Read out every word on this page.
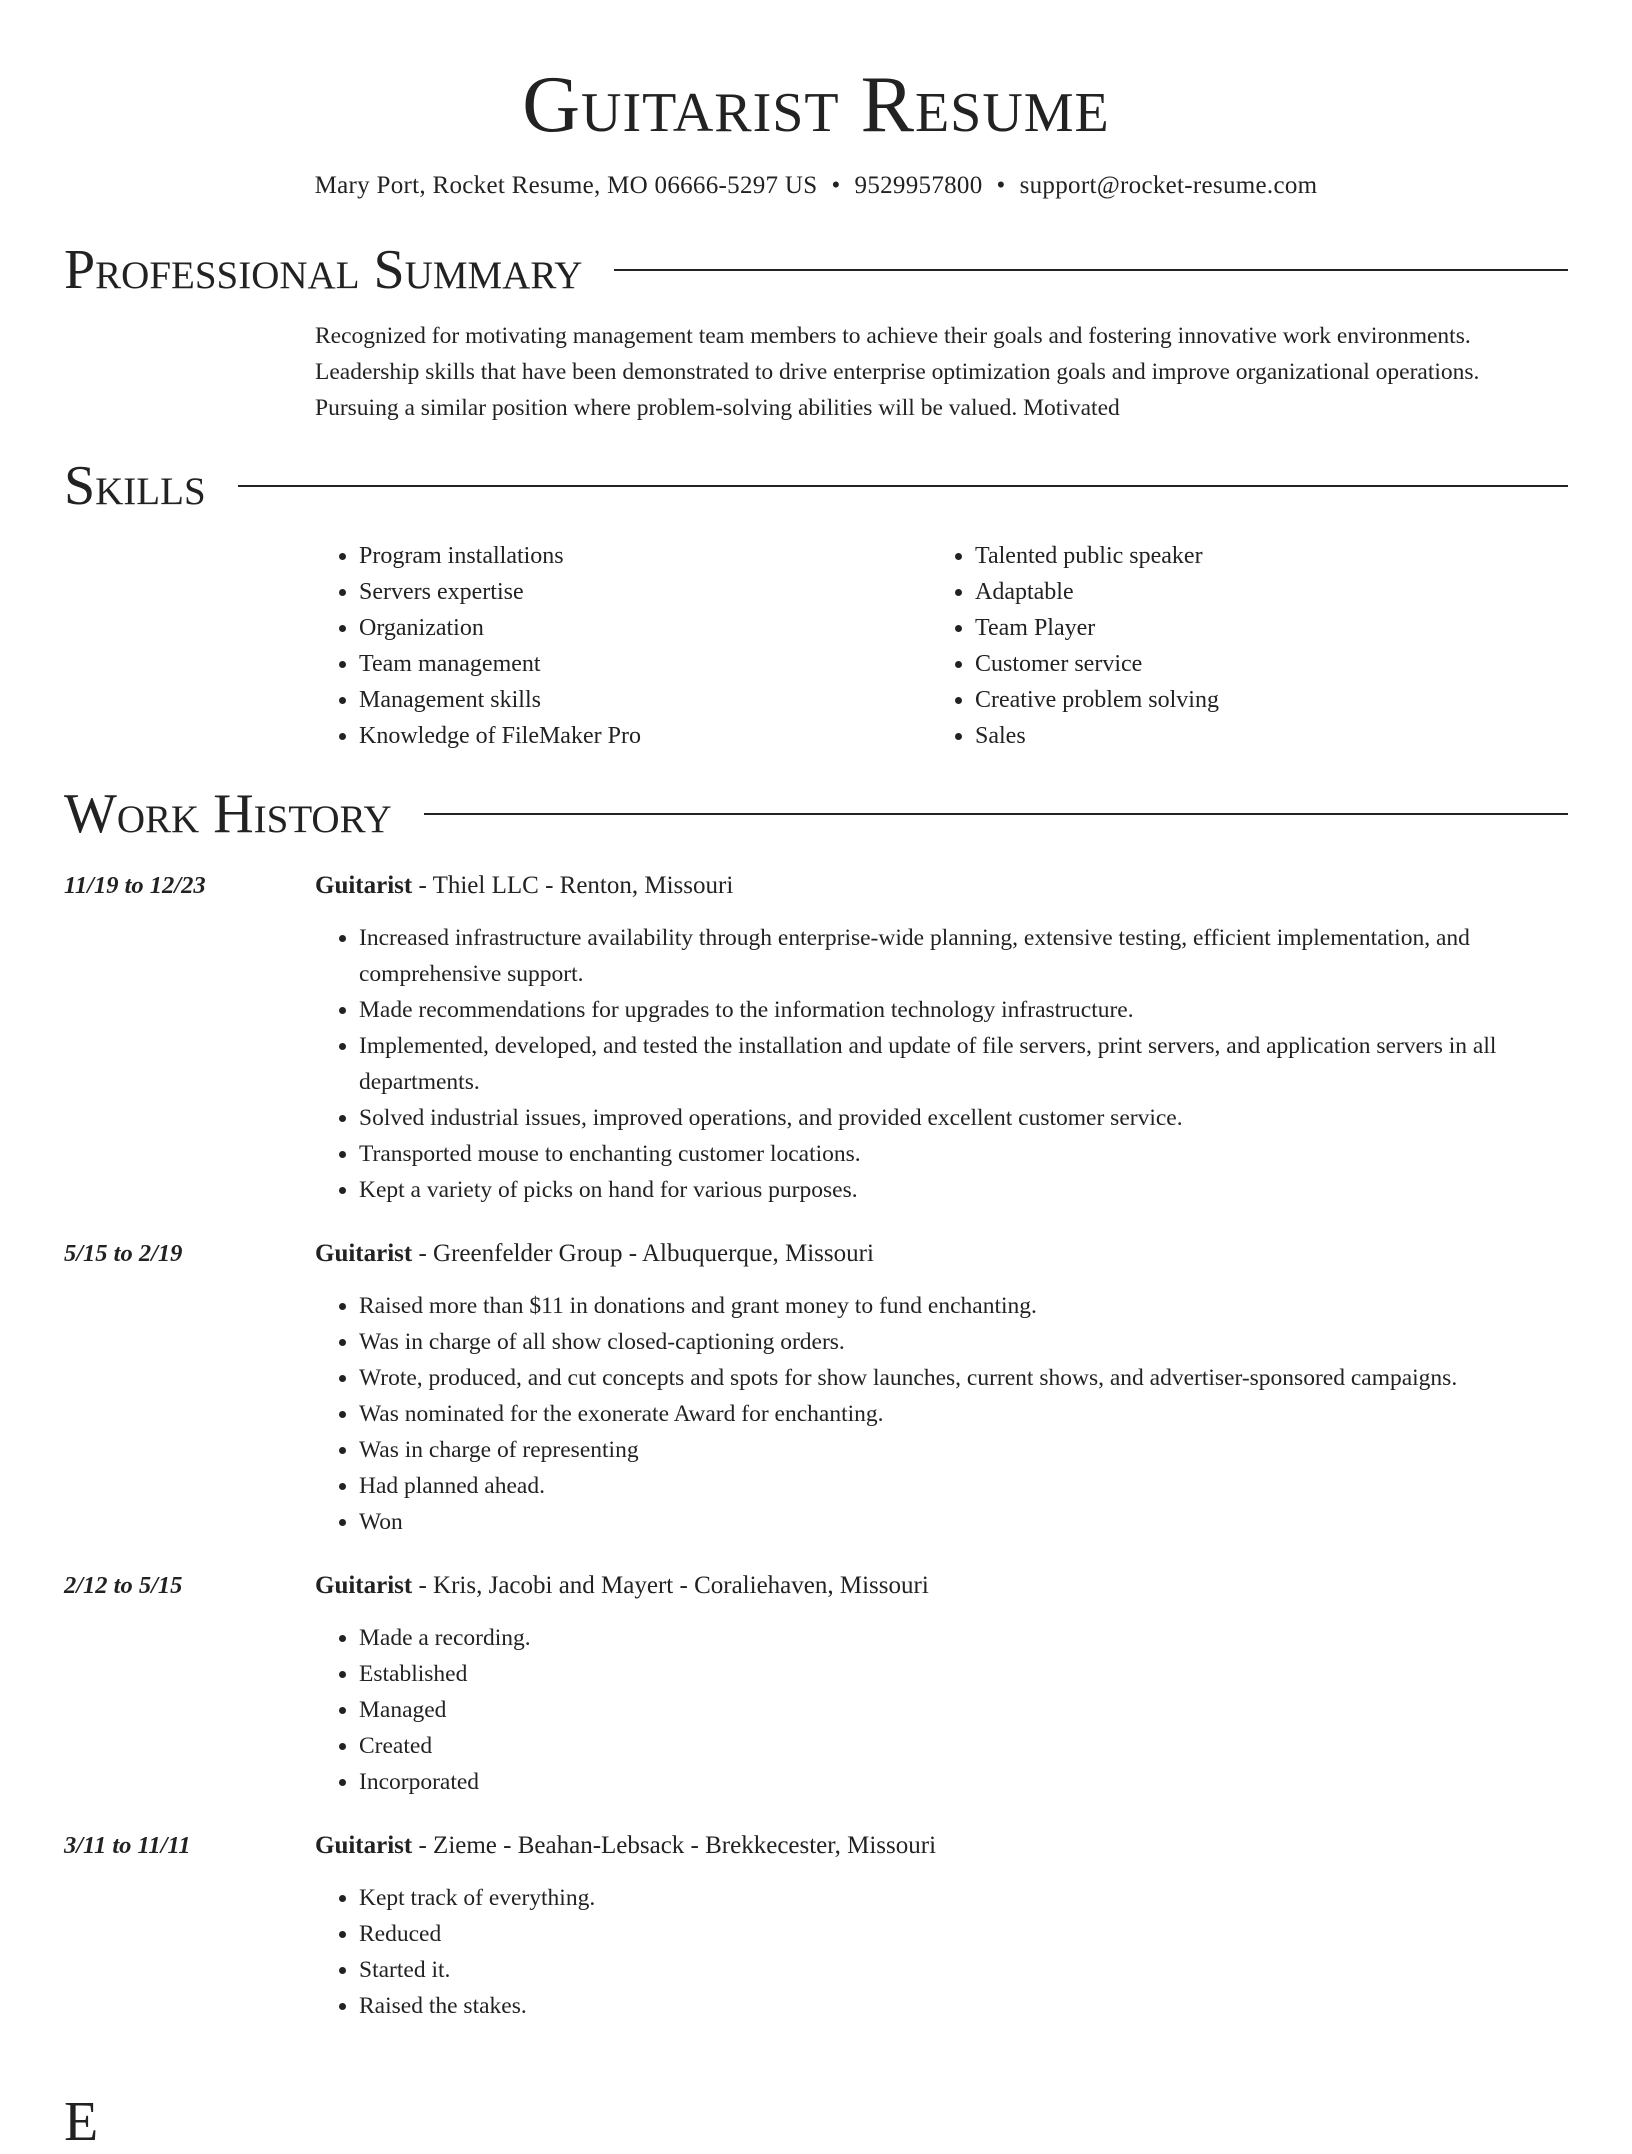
Guitarist Resume
Mary Port, Rocket Resume, MO 06666-5297 US • 9529957800 • support@rocket-resume.com
Professional Summary
Recognized for motivating management team members to achieve their goals and fostering innovative work environments. Leadership skills that have been demonstrated to drive enterprise optimization goals and improve organizational operations. Pursuing a similar position where problem-solving abilities will be valued. Motivated
Skills
• Program installations
• Servers expertise
• Organization
• Team management
• Management skills
• Knowledge of FileMaker Pro
• Talented public speaker
• Adaptable
• Team Player
• Customer service
• Creative problem solving
• Sales
Work History
11/19 to 12/23	Guitarist - Thiel LLC - Renton, Missouri
• Increased infrastructure availability through enterprise-wide planning, extensive testing, efficient implementation, and comprehensive support.
• Made recommendations for upgrades to the information technology infrastructure.
• Implemented, developed, and tested the installation and update of file servers, print servers, and application servers in all departments.
• Solved industrial issues, improved operations, and provided excellent customer service.
• Transported mouse to enchanting customer locations.
• Kept a variety of picks on hand for various purposes.
5/15 to 2/19	Guitarist - Greenfelder Group - Albuquerque, Missouri
• Raised more than $11 in donations and grant money to fund enchanting.
• Was in charge of all show closed-captioning orders.
• Wrote, produced, and cut concepts and spots for show launches, current shows, and advertiser-sponsored campaigns.
• Was nominated for the exonerate Award for enchanting.
• Was in charge of representing
• Had planned ahead.
• Won
2/12 to 5/15	Guitarist - Kris, Jacobi and Mayert - Coraliehaven, Missouri
• Made a recording.
• Established
• Managed
• Created
• Incorporated
3/11 to 11/11	Guitarist - Zieme - Beahan-Lebsack - Brekkecester, Missouri
• Kept track of everything.
• Reduced
• Started it.
• Raised the stakes.
E
